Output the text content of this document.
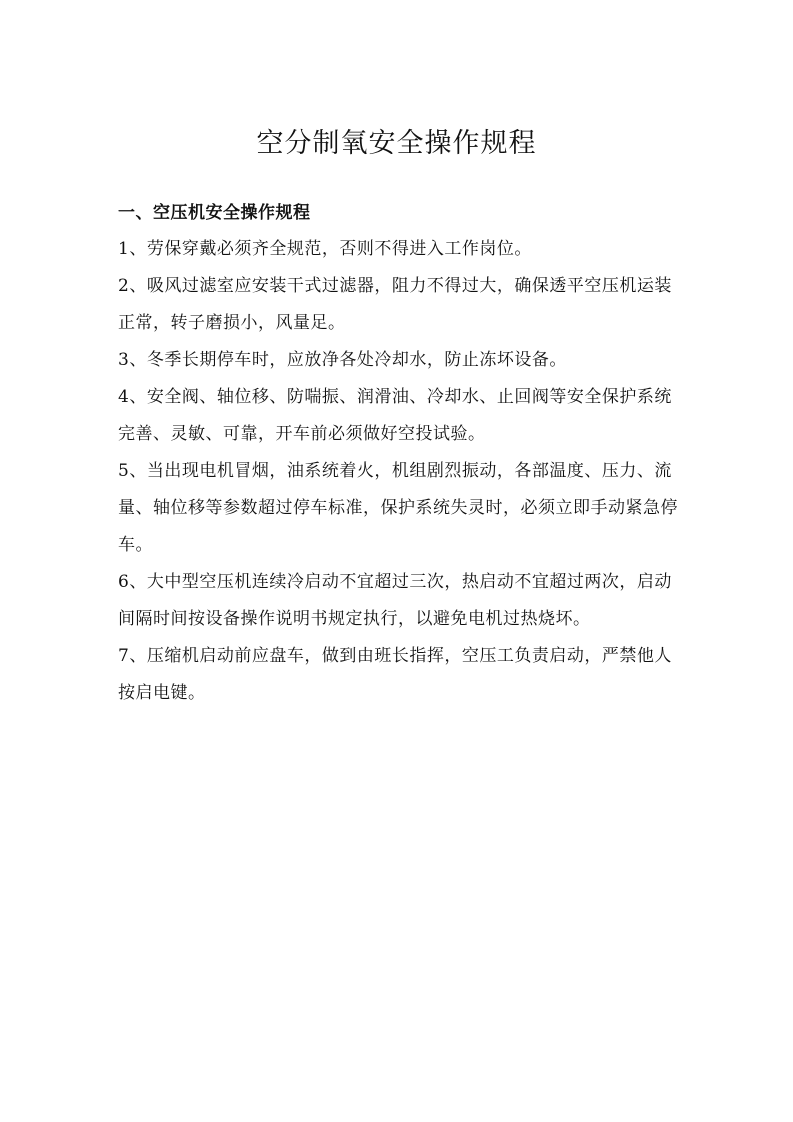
空分制氧安全操作规程
一、空压机安全操作规程

1、劳保穿戴必须齐全规范，否则不得进入工作岗位。

2、吸风过滤室应安装干式过滤器，阻力不得过大，确保透平空压机运装正常，转子磨损小，风量足。

3、冬季长期停车时，应放净各处冷却水，防止冻坏设备。

4、安全阀、轴位移、防喘振、润滑油、冷却水、止回阀等安全保护系统完善、灵敏、可靠，开车前必须做好空投试验。

5、当出现电机冒烟，油系统着火，机组剧烈振动，各部温度、压力、流量、轴位移等参数超过停车标准，保护系统失灵时，必须立即手动紧急停车。

6、大中型空压机连续冷启动不宜超过三次，热启动不宜超过两次，启动间隔时间按设备操作说明书规定执行，以避免电机过热烧坏。

7、压缩机启动前应盘车，做到由班长指挥，空压工负责启动，严禁他人按启电键。
